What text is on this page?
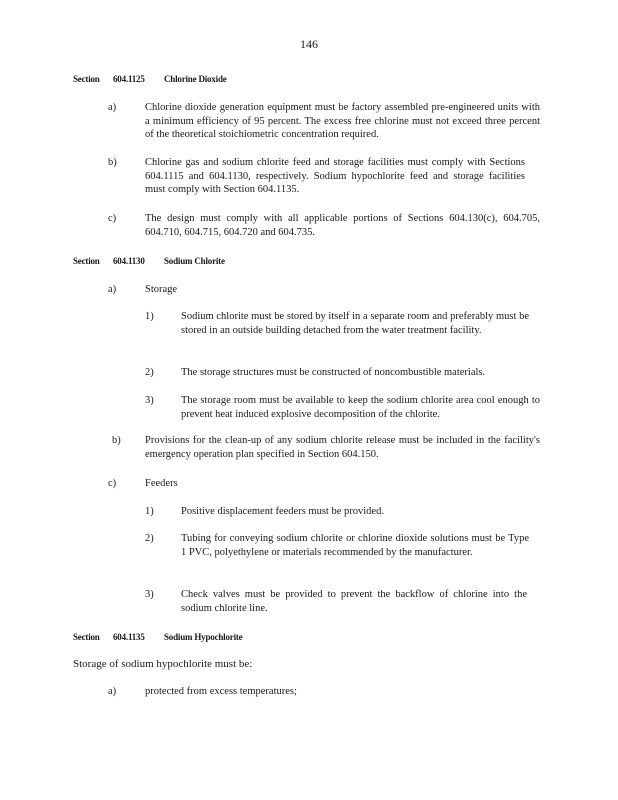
146
Section 604.1125 Chlorine Dioxide
a)	Chlorine dioxide generation equipment must be factory assembled pre-engineered units with a minimum efficiency of 95 percent. The excess free chlorine must not exceed three percent of the theoretical stoichiometric concentration required.
b)	Chlorine gas and sodium chlorite feed and storage facilities must comply with Sections 604.1115 and 604.1130, respectively. Sodium hypochlorite feed and storage facilities must comply with Section 604.1135.
c)	The design must comply with all applicable portions of Sections 604.130(c), 604.705, 604.710, 604.715, 604.720 and 604.735.
Section 604.1130 Sodium Chlorite
a)	Storage
1)	Sodium chlorite must be stored by itself in a separate room and preferably must be stored in an outside building detached from the water treatment facility.
2)	The storage structures must be constructed of noncombustible materials.
3)	The storage room must be available to keep the sodium chlorite area cool enough to prevent heat induced explosive decomposition of the chlorite.
b) Provisions for the clean-up of any sodium chlorite release must be included in the facility's emergency operation plan specified in Section 604.150.
c)	Feeders
1)	Positive displacement feeders must be provided.
2)	Tubing for conveying sodium chlorite or chlorine dioxide solutions must be Type 1 PVC, polyethylene or materials recommended by the manufacturer.
3)	Check valves must be provided to prevent the backflow of chlorine into the sodium chlorite line.
Section 604.1135 Sodium Hypochlorite
Storage of sodium hypochlorite must be:
a)	protected from excess temperatures;
